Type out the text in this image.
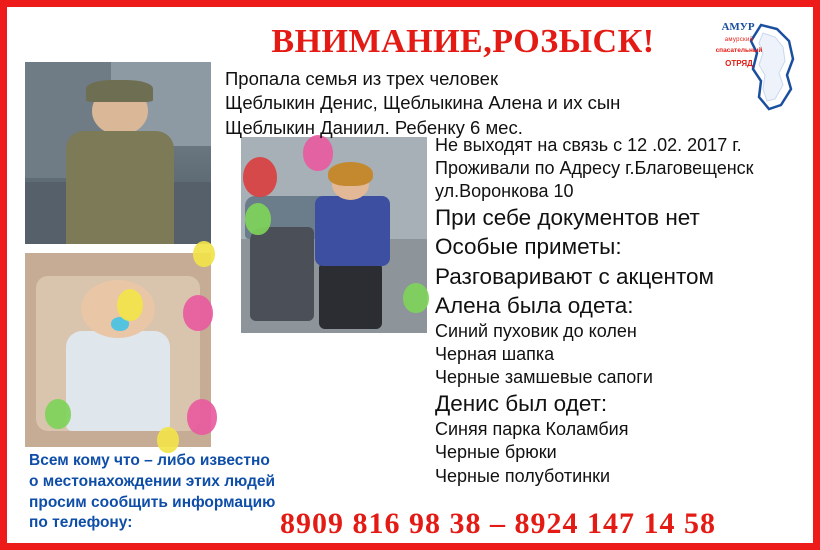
ВНИМАНИЕ,РОЗЫСК!	АМУР
амурский
спасательный
ОТРЯД
Пропала семья из трех человек
Щеблыкин Денис, Щеблыкина Алена и их сын
Щеблыкин Даниил. Ребенку 6 мес.
Не выходят на связь с 12 .02. 2017 г.
Проживали по Адресу г.Благовещенск
ул.Воронкова 10
При себе документов нет
Особые приметы:
Разговаривают с акцентом
Алена была одета:
Синий пуховик до колен
Черная шапка
Черные замшевые сапоги
Денис был одет:
Синяя парка Коламбия
Черные брюки
Черные полуботинки
Всем кому что – либо известно
о местонахождении этих людей
просим сообщить информацию
по телефону:	8909 816 98 38 – 8924 147 14 58
